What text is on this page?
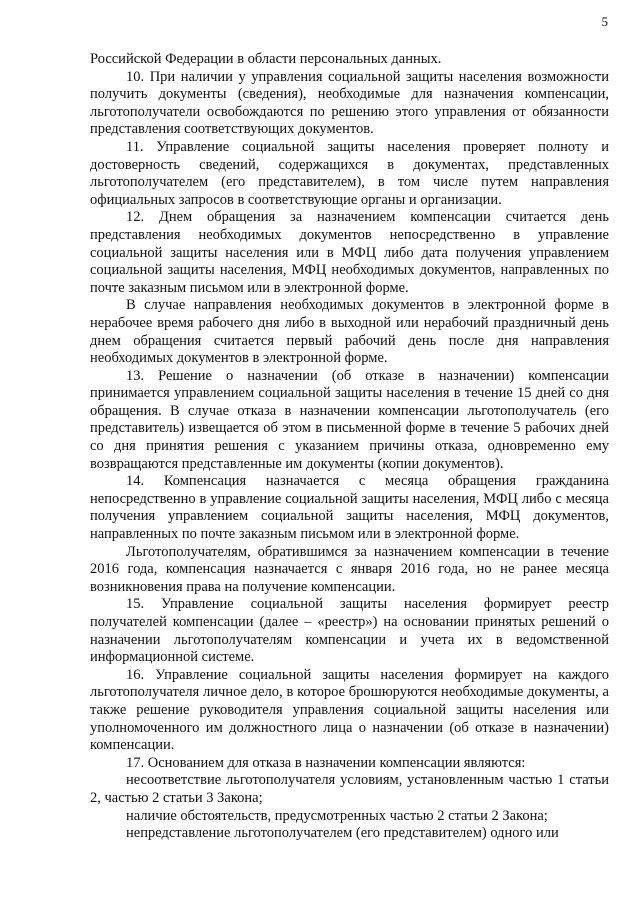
5

Российской Федерации в области персональных данных.

10. При наличии у управления социальной защиты населения возможности получить документы (сведения), необходимые для назначения компенсации, льготополучатели освобождаются по решению этого управления от обязанности представления соответствующих документов.

11. Управление социальной защиты населения проверяет полноту и достоверность сведений, содержащихся в документах, представленных льготополучателем (его представителем), в том числе путем направления официальных запросов в соответствующие органы и организации.

12. Днем обращения за назначением компенсации считается день представления необходимых документов непосредственно в управление социальной защиты населения или в МФЦ либо дата получения управлением социальной защиты населения, МФЦ необходимых документов, направленных по почте заказным письмом или в электронной форме.

В случае направления необходимых документов в электронной форме в нерабочее время рабочего дня либо в выходной или нерабочий праздничный день днем обращения считается первый рабочий день после дня направления необходимых документов в электронной форме.

13. Решение о назначении (об отказе в назначении) компенсации принимается управлением социальной защиты населения в течение 15 дней со дня обращения. В случае отказа в назначении компенсации льготополучатель (его представитель) извещается об этом в письменной форме в течение 5 рабочих дней со дня принятия решения с указанием причины отказа, одновременно ему возвращаются представленные им документы (копии документов).

14. Компенсация назначается с месяца обращения гражданина непосредственно в управление социальной защиты населения, МФЦ либо с месяца получения управлением социальной защиты населения, МФЦ документов, направленных по почте заказным письмом или в электронной форме.

Льготополучателям, обратившимся за назначением компенсации в течение 2016 года, компенсация назначается с января 2016 года, но не ранее месяца возникновения права на получение компенсации.

15. Управление социальной защиты населения формирует реестр получателей компенсации (далее – «реестр») на основании принятых решений о назначении льготополучателям компенсации и учета их в ведомственной информационной системе.

16. Управление социальной защиты населения формирует на каждого льготополучателя личное дело, в которое брошюруются необходимые документы, а также решение руководителя управления социальной защиты населения или уполномоченного им должностного лица о назначении (об отказе в назначении) компенсации.

17. Основанием для отказа в назначении компенсации являются:

несоответствие льготополучателя условиям, установленным частью 1 статьи 2, частью 2 статьи 3 Закона;

наличие обстоятельств, предусмотренных частью 2 статьи 2 Закона;

непредставление льготополучателем (его представителем) одного или
